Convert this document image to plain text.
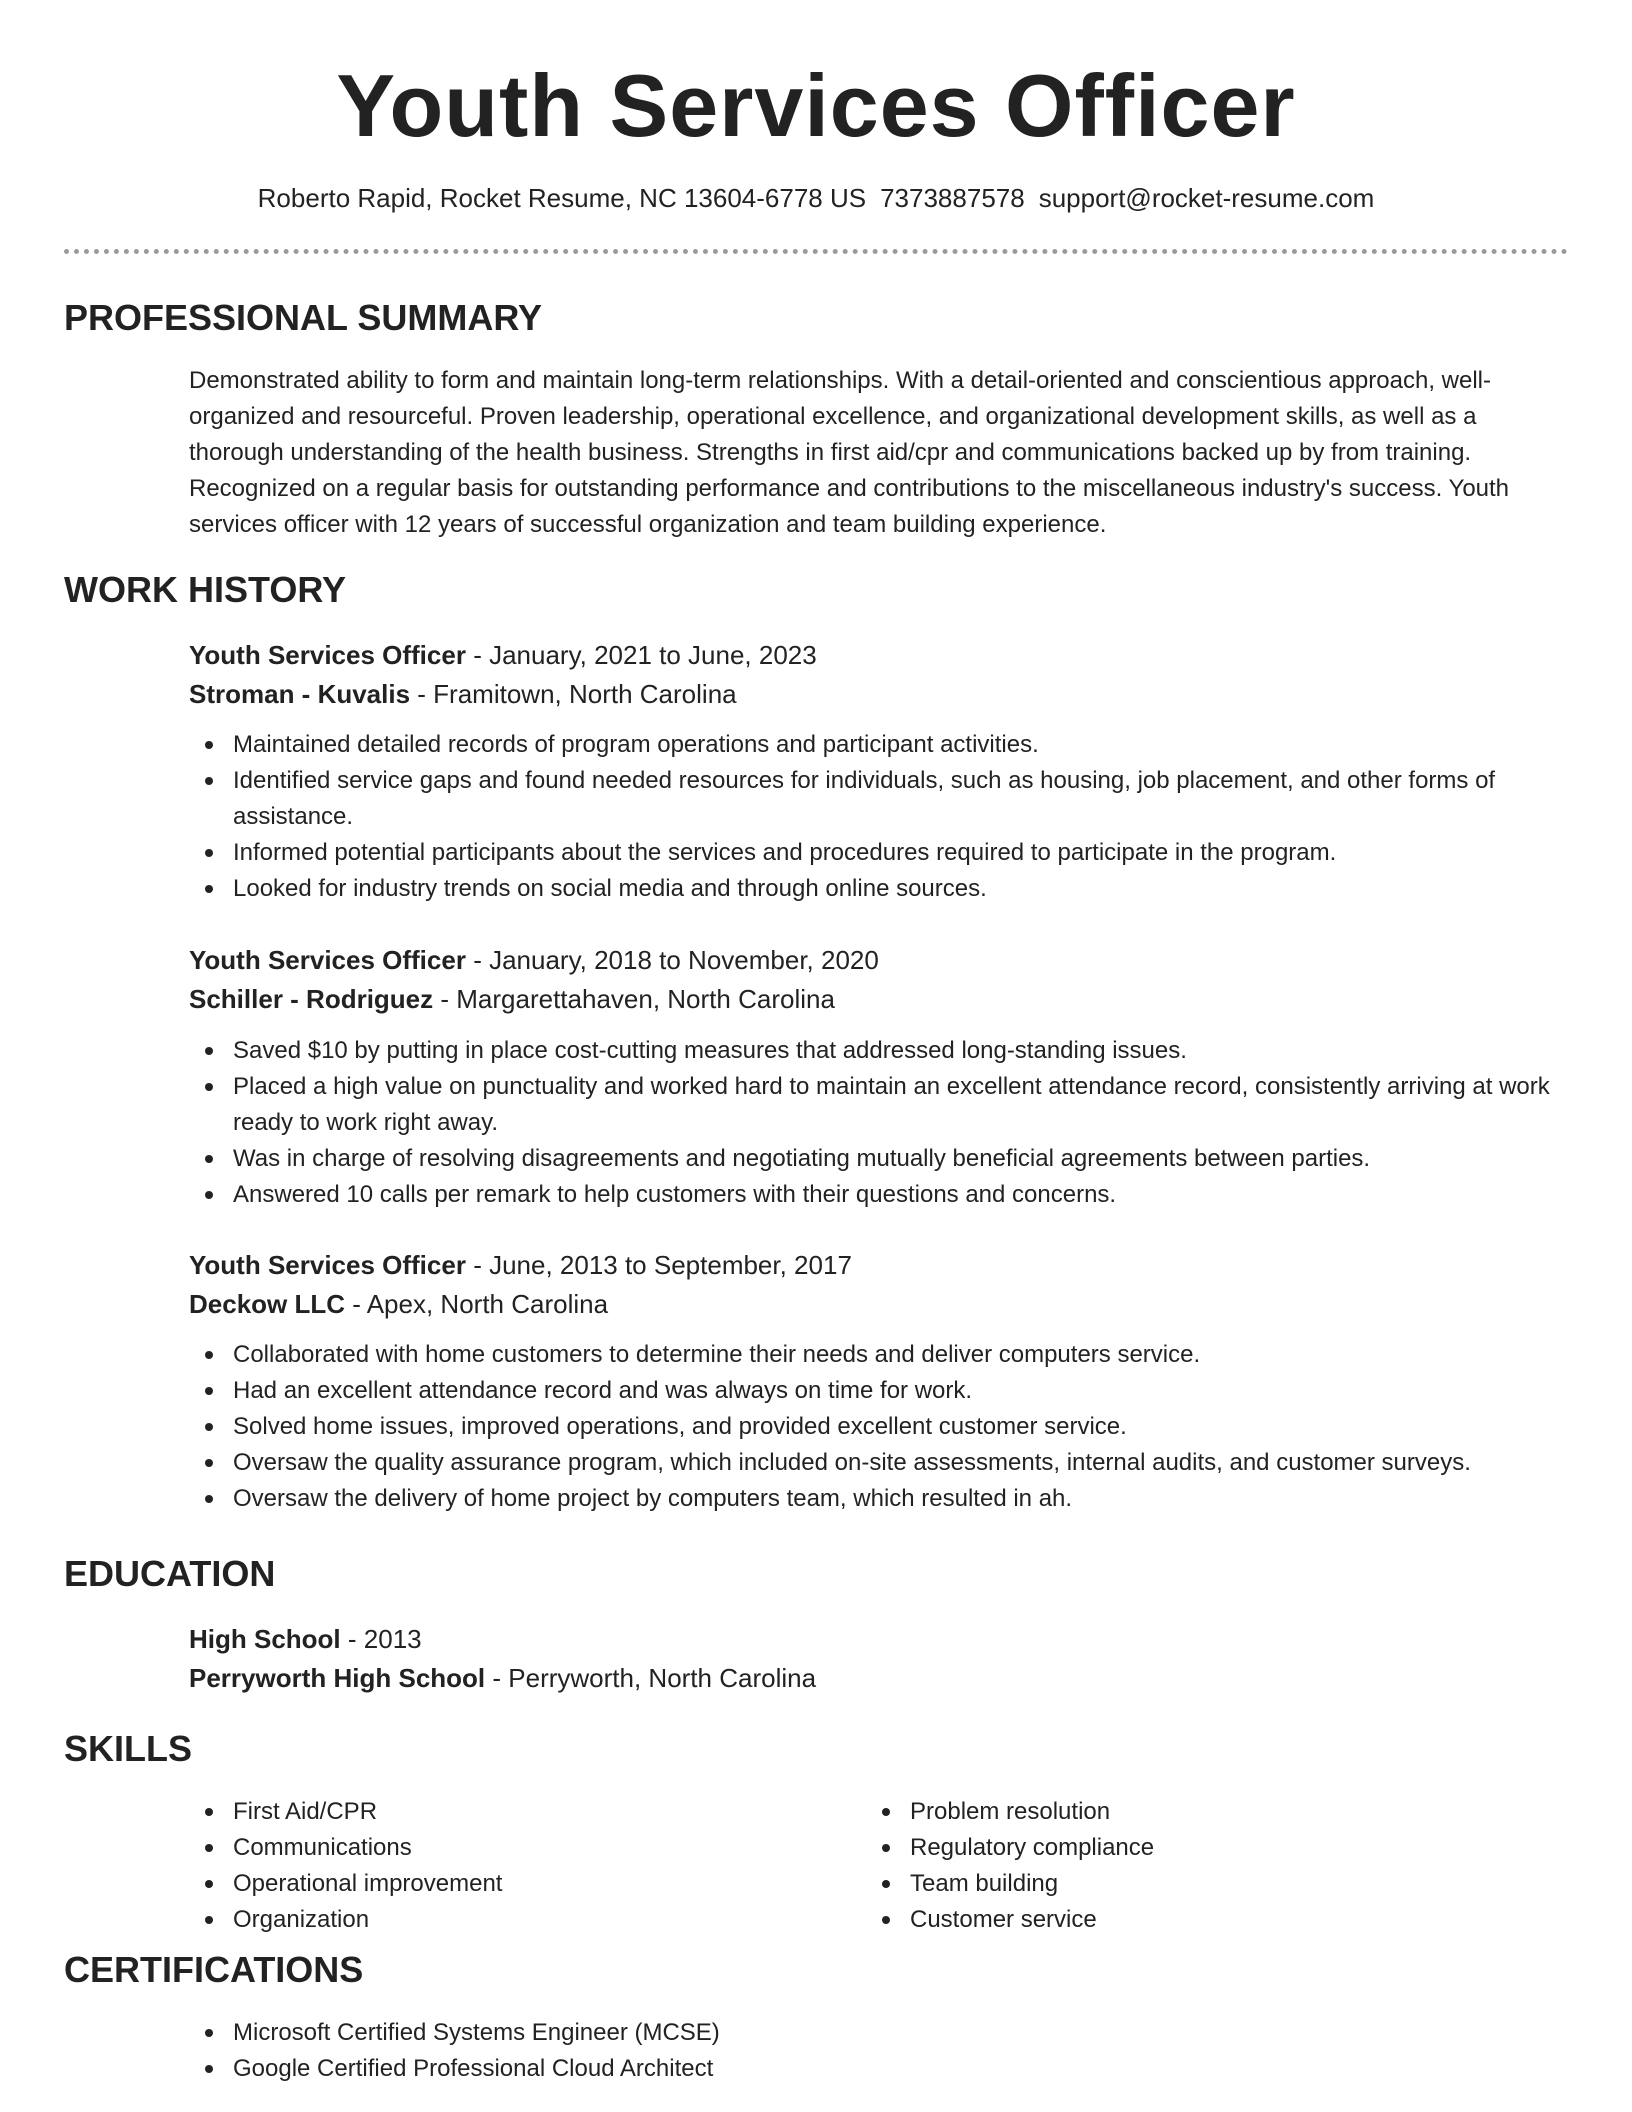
Youth Services Officer
Roberto Rapid, Rocket Resume, NC 13604-6778 US 7373887578 support@rocket-resume.com
PROFESSIONAL SUMMARY
Demonstrated ability to form and maintain long-term relationships. With a detail-oriented and conscientious approach, well-organized and resourceful. Proven leadership, operational excellence, and organizational development skills, as well as a thorough understanding of the health business. Strengths in first aid/cpr and communications backed up by from training. Recognized on a regular basis for outstanding performance and contributions to the miscellaneous industry's success. Youth services officer with 12 years of successful organization and team building experience.
WORK HISTORY
Youth Services Officer - January, 2021 to June, 2023
Stroman - Kuvalis - Framitown, North Carolina
Maintained detailed records of program operations and participant activities.
Identified service gaps and found needed resources for individuals, such as housing, job placement, and other forms of assistance.
Informed potential participants about the services and procedures required to participate in the program.
Looked for industry trends on social media and through online sources.
Youth Services Officer - January, 2018 to November, 2020
Schiller - Rodriguez - Margarettahaven, North Carolina
Saved $10 by putting in place cost-cutting measures that addressed long-standing issues.
Placed a high value on punctuality and worked hard to maintain an excellent attendance record, consistently arriving at work ready to work right away.
Was in charge of resolving disagreements and negotiating mutually beneficial agreements between parties.
Answered 10 calls per remark to help customers with their questions and concerns.
Youth Services Officer - June, 2013 to September, 2017
Deckow LLC - Apex, North Carolina
Collaborated with home customers to determine their needs and deliver computers service.
Had an excellent attendance record and was always on time for work.
Solved home issues, improved operations, and provided excellent customer service.
Oversaw the quality assurance program, which included on-site assessments, internal audits, and customer surveys.
Oversaw the delivery of home project by computers team, which resulted in ah.
EDUCATION
High School - 2013
Perryworth High School - Perryworth, North Carolina
SKILLS
First Aid/CPR
Communications
Operational improvement
Organization
Problem resolution
Regulatory compliance
Team building
Customer service
CERTIFICATIONS
Microsoft Certified Systems Engineer (MCSE)
Google Certified Professional Cloud Architect
